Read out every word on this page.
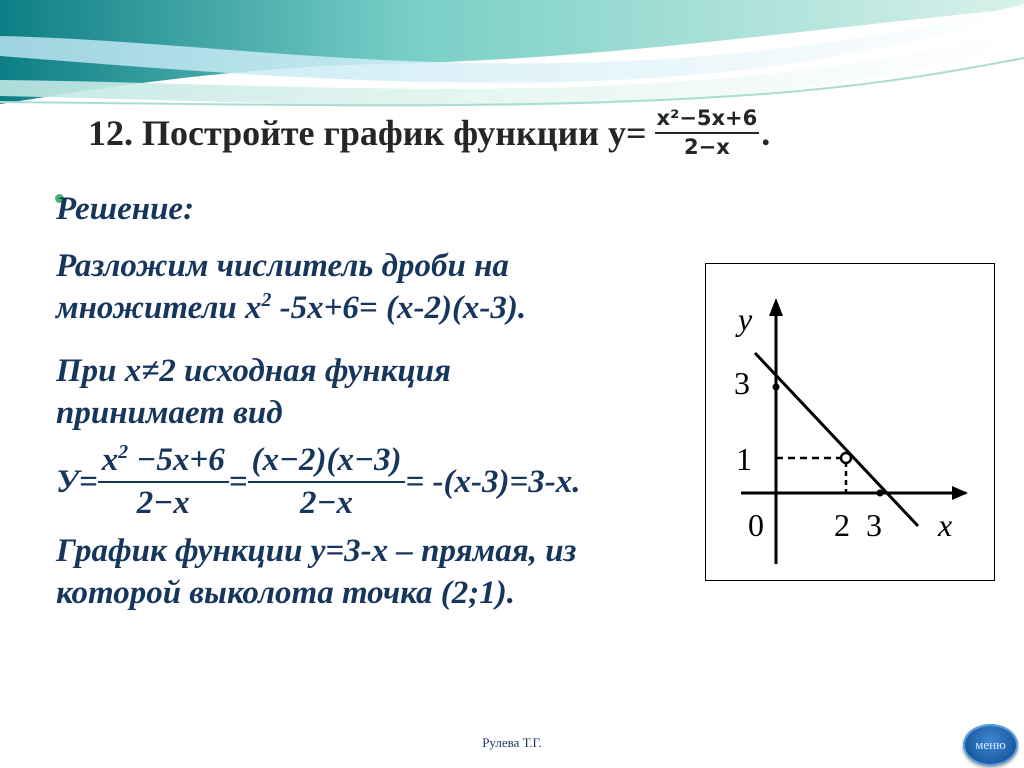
12. Постройте график функции $у= \frac{\text{x²−5x+6}}{2-x}$ .

Решение:

Разложим числитель дроби на
множители $х^2$ -5х+6= (х-2)(х-3).

При х≠2 исходная функция
принимает вид

$У= \frac{х^2 -5х+6}{2-х} = \frac{(х-2)(х-3)}{2-х} = -(х-3)=3-х$.

График функции у=3-х – прямая, из
которой выколота точка (2;1).

y
3
1
0 2 3 x
Рулева Т.Г.	меню
